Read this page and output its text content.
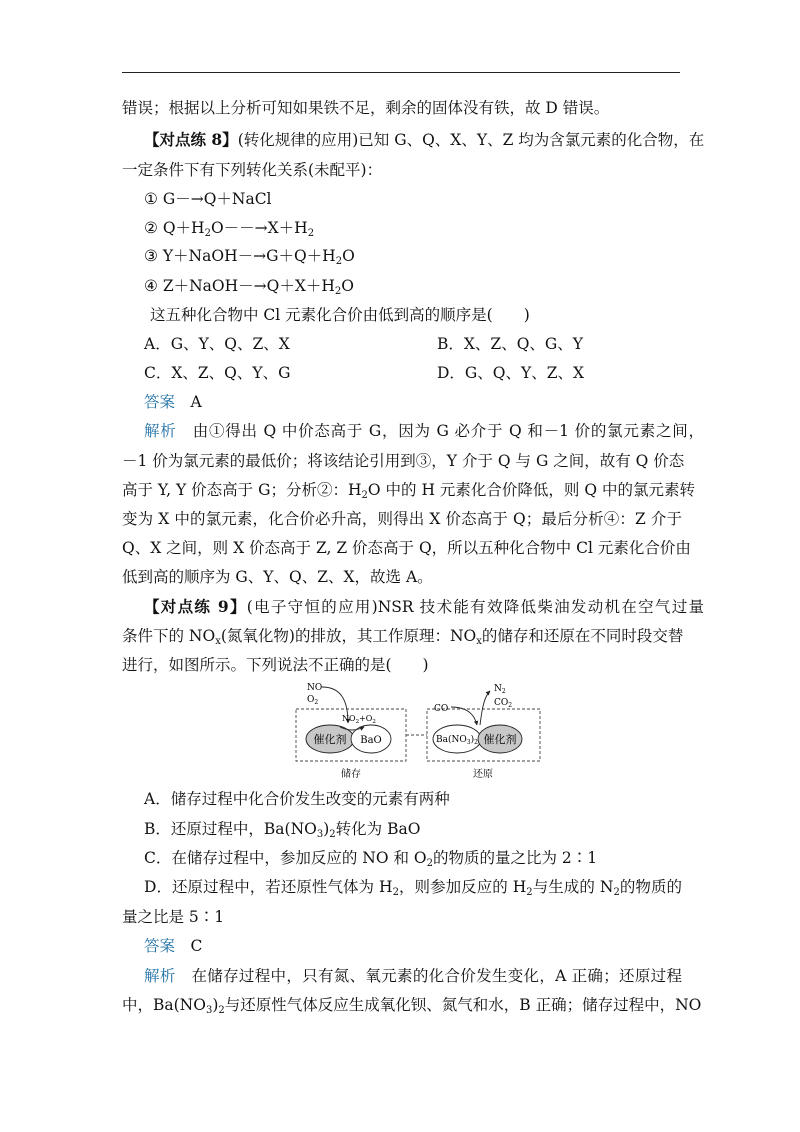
错误；根据以上分析可知如果铁不足，剩余的固体没有铁，故 D 错误。
【对点练 8】(转化规律的应用)已知 G、Q、X、Y、Z 均为含氯元素的化合物，在
一定条件下有下列转化关系(未配平)：
① G－→Q＋NaCl
② $Q+H_2O--\to X+H_2$
③ $Y+NaOH-\to G+Q+H_2O$
④ $Z+NaOH-\to Q+X+H_2O$
这五种化合物中 Cl 元素化合价由低到高的顺序是(　　)
A．G、Y、Q、Z、X	B．X、Z、Q、G、Y
C．X、Z、Q、Y、G	D．G、Q、Y、Z、X
答案　 A
解析　 由①得出 Q 中价态高于 G，因为 G 必介于 Q 和－1 价的氯元素之间，
－1 价为氯元素的最低价；将该结论引用到③，Y 介于 Q 与 G 之间，故有 Q 价态
高于 Y, Y 价态高于 G；分析②：$H_2O$ 中的 H 元素化合价降低，则 Q 中的氯元素转
变为 X 中的氯元素，化合价必升高，则得出 X 价态高于 Q；最后分析④：Z 介于
Q、X 之间，则 X 价态高于 Z, Z 价态高于 Q，所以五种化合物中 Cl 元素化合价由
低到高的顺序为 G、Y、Q、Z、X，故选 A。
【对点练 9】(电子守恒的应用)NSR 技术能有效降低柴油发动机在空气过量
条件下的 $NO_x$(氮氧化物)的排放，其工作原理：$NO_x$的储存和还原在不同时段交替
进行，如图所示。下列说法不正确的是(　　)
催化剂 BaO	$Ba(NO_3)_2$ 催化剂
NO
$O_2$
$NO_2+O_2$
CO
$N_2$
$CO_2$
储存	还原
A．储存过程中化合价发生改变的元素有两种
B．还原过程中，$Ba(NO_3)_2$转化为 BaO
C．在储存过程中，参加反应的 NO 和 $O_2$的物质的量之比为 2∶1
D．还原过程中，若还原性气体为 $H_2$，则参加反应的 $H_2$与生成的 $N_2$的物质的
量之比是 5∶1
答案　 C
解析　 在储存过程中，只有氮、氧元素的化合价发生变化，A 正确；还原过程
中，$Ba(NO_3)_2$与还原性气体反应生成氧化钡、氮气和水，B 正确；储存过程中，NO
